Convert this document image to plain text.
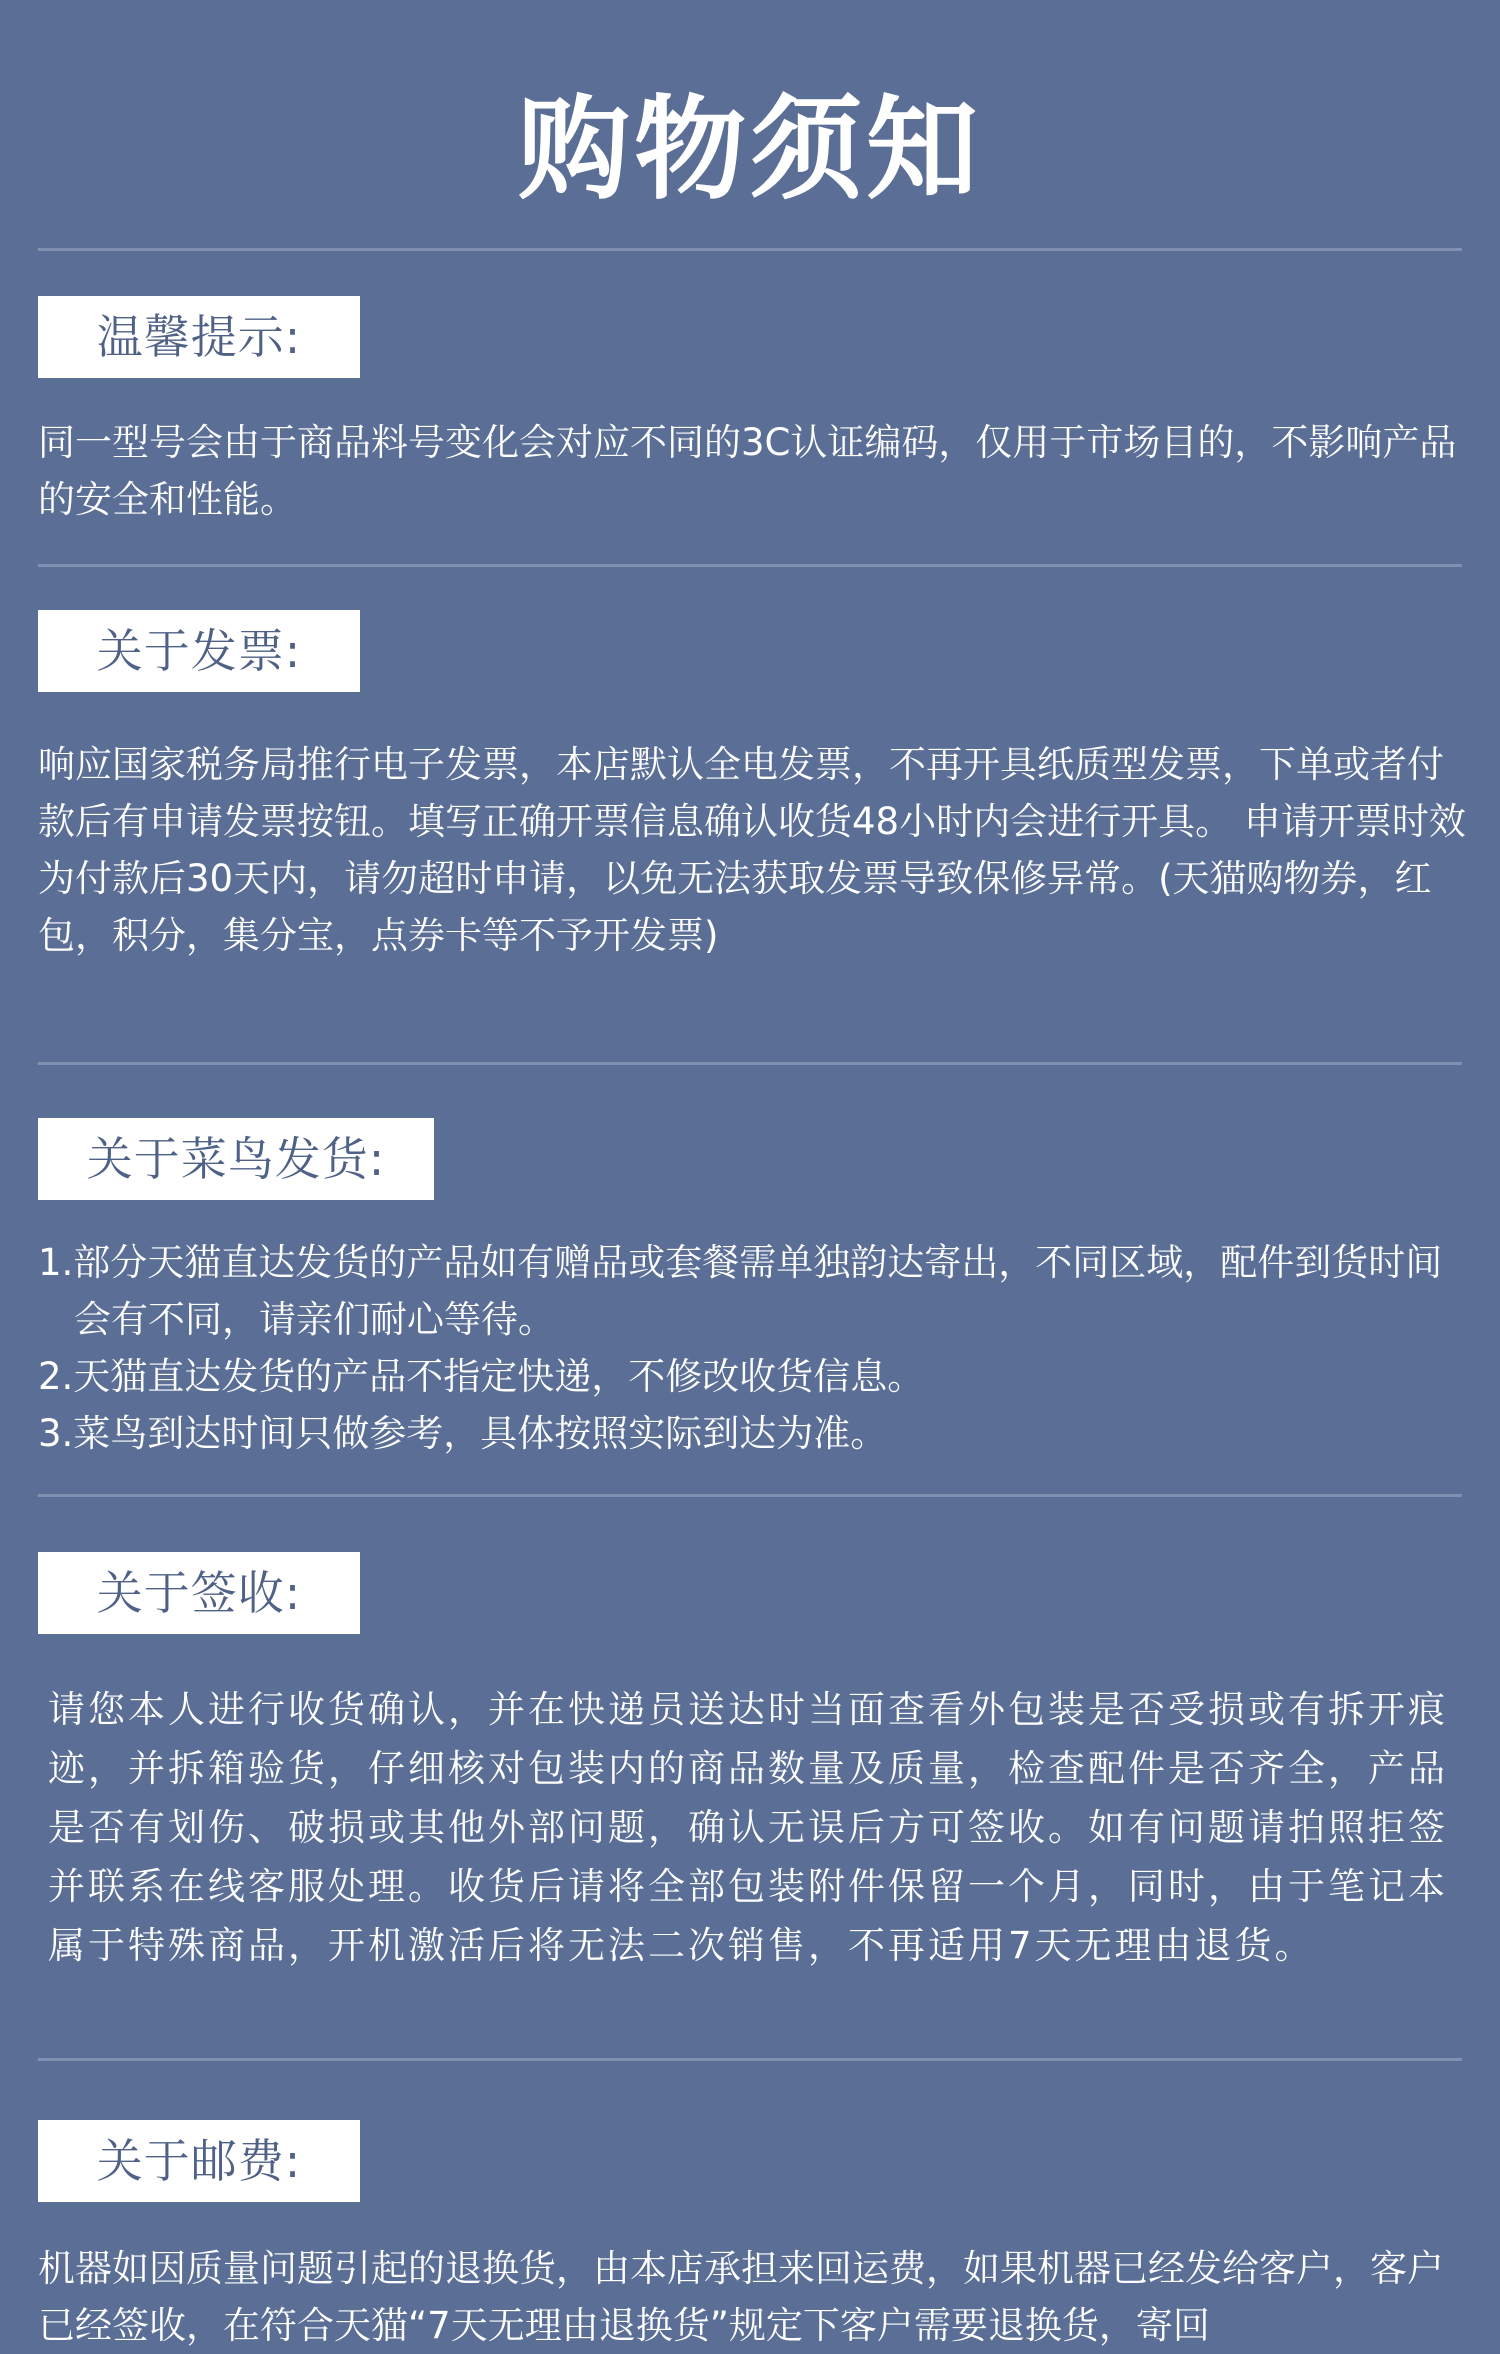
购物须知
温馨提示:

同一型号会由于商品料号变化会对应不同的3C认证编码，仅用于市场目的，不影响产品的安全和性能。

关于发票:

响应国家税务局推行电子发票，本店默认全电发票，不再开具纸质型发票，下单或者付款后有申请发票按钮。填写正确开票信息确认收货48小时内会进行开具。 申请开票时效为付款后30天内，请勿超时申请，以免无法获取发票导致保修异常。(天猫购物券，红包，积分，集分宝，点券卡等不予开发票)

关于菜鸟发货:
1.部分天猫直达发货的产品如有赠品或套餐需单独韵达寄出，不同区域，配件到货时间会有不同，请亲们耐心等待。
2.天猫直达发货的产品不指定快递，不修改收货信息。
3.菜鸟到达时间只做参考，具体按照实际到达为准。
关于签收:

请您本人进行收货确认，并在快递员送达时当面查看外包装是否受损或有拆开痕迹，并拆箱验货，仔细核对包装内的商品数量及质量，检查配件是否齐全，产品是否有划伤、破损或其他外部问题，确认无误后方可签收。如有问题请拍照拒签并联系在线客服处理。收货后请将全部包装附件保留一个月，同时，由于笔记本属于特殊商品，开机激活后将无法二次销售，不再适用7天无理由退货。

关于邮费:

机器如因质量问题引起的退换货，由本店承担来回运费，如果机器已经发给客户，客户已经签收，在符合天猫“7天无理由退换货”规定下客户需要退换货，寄回
